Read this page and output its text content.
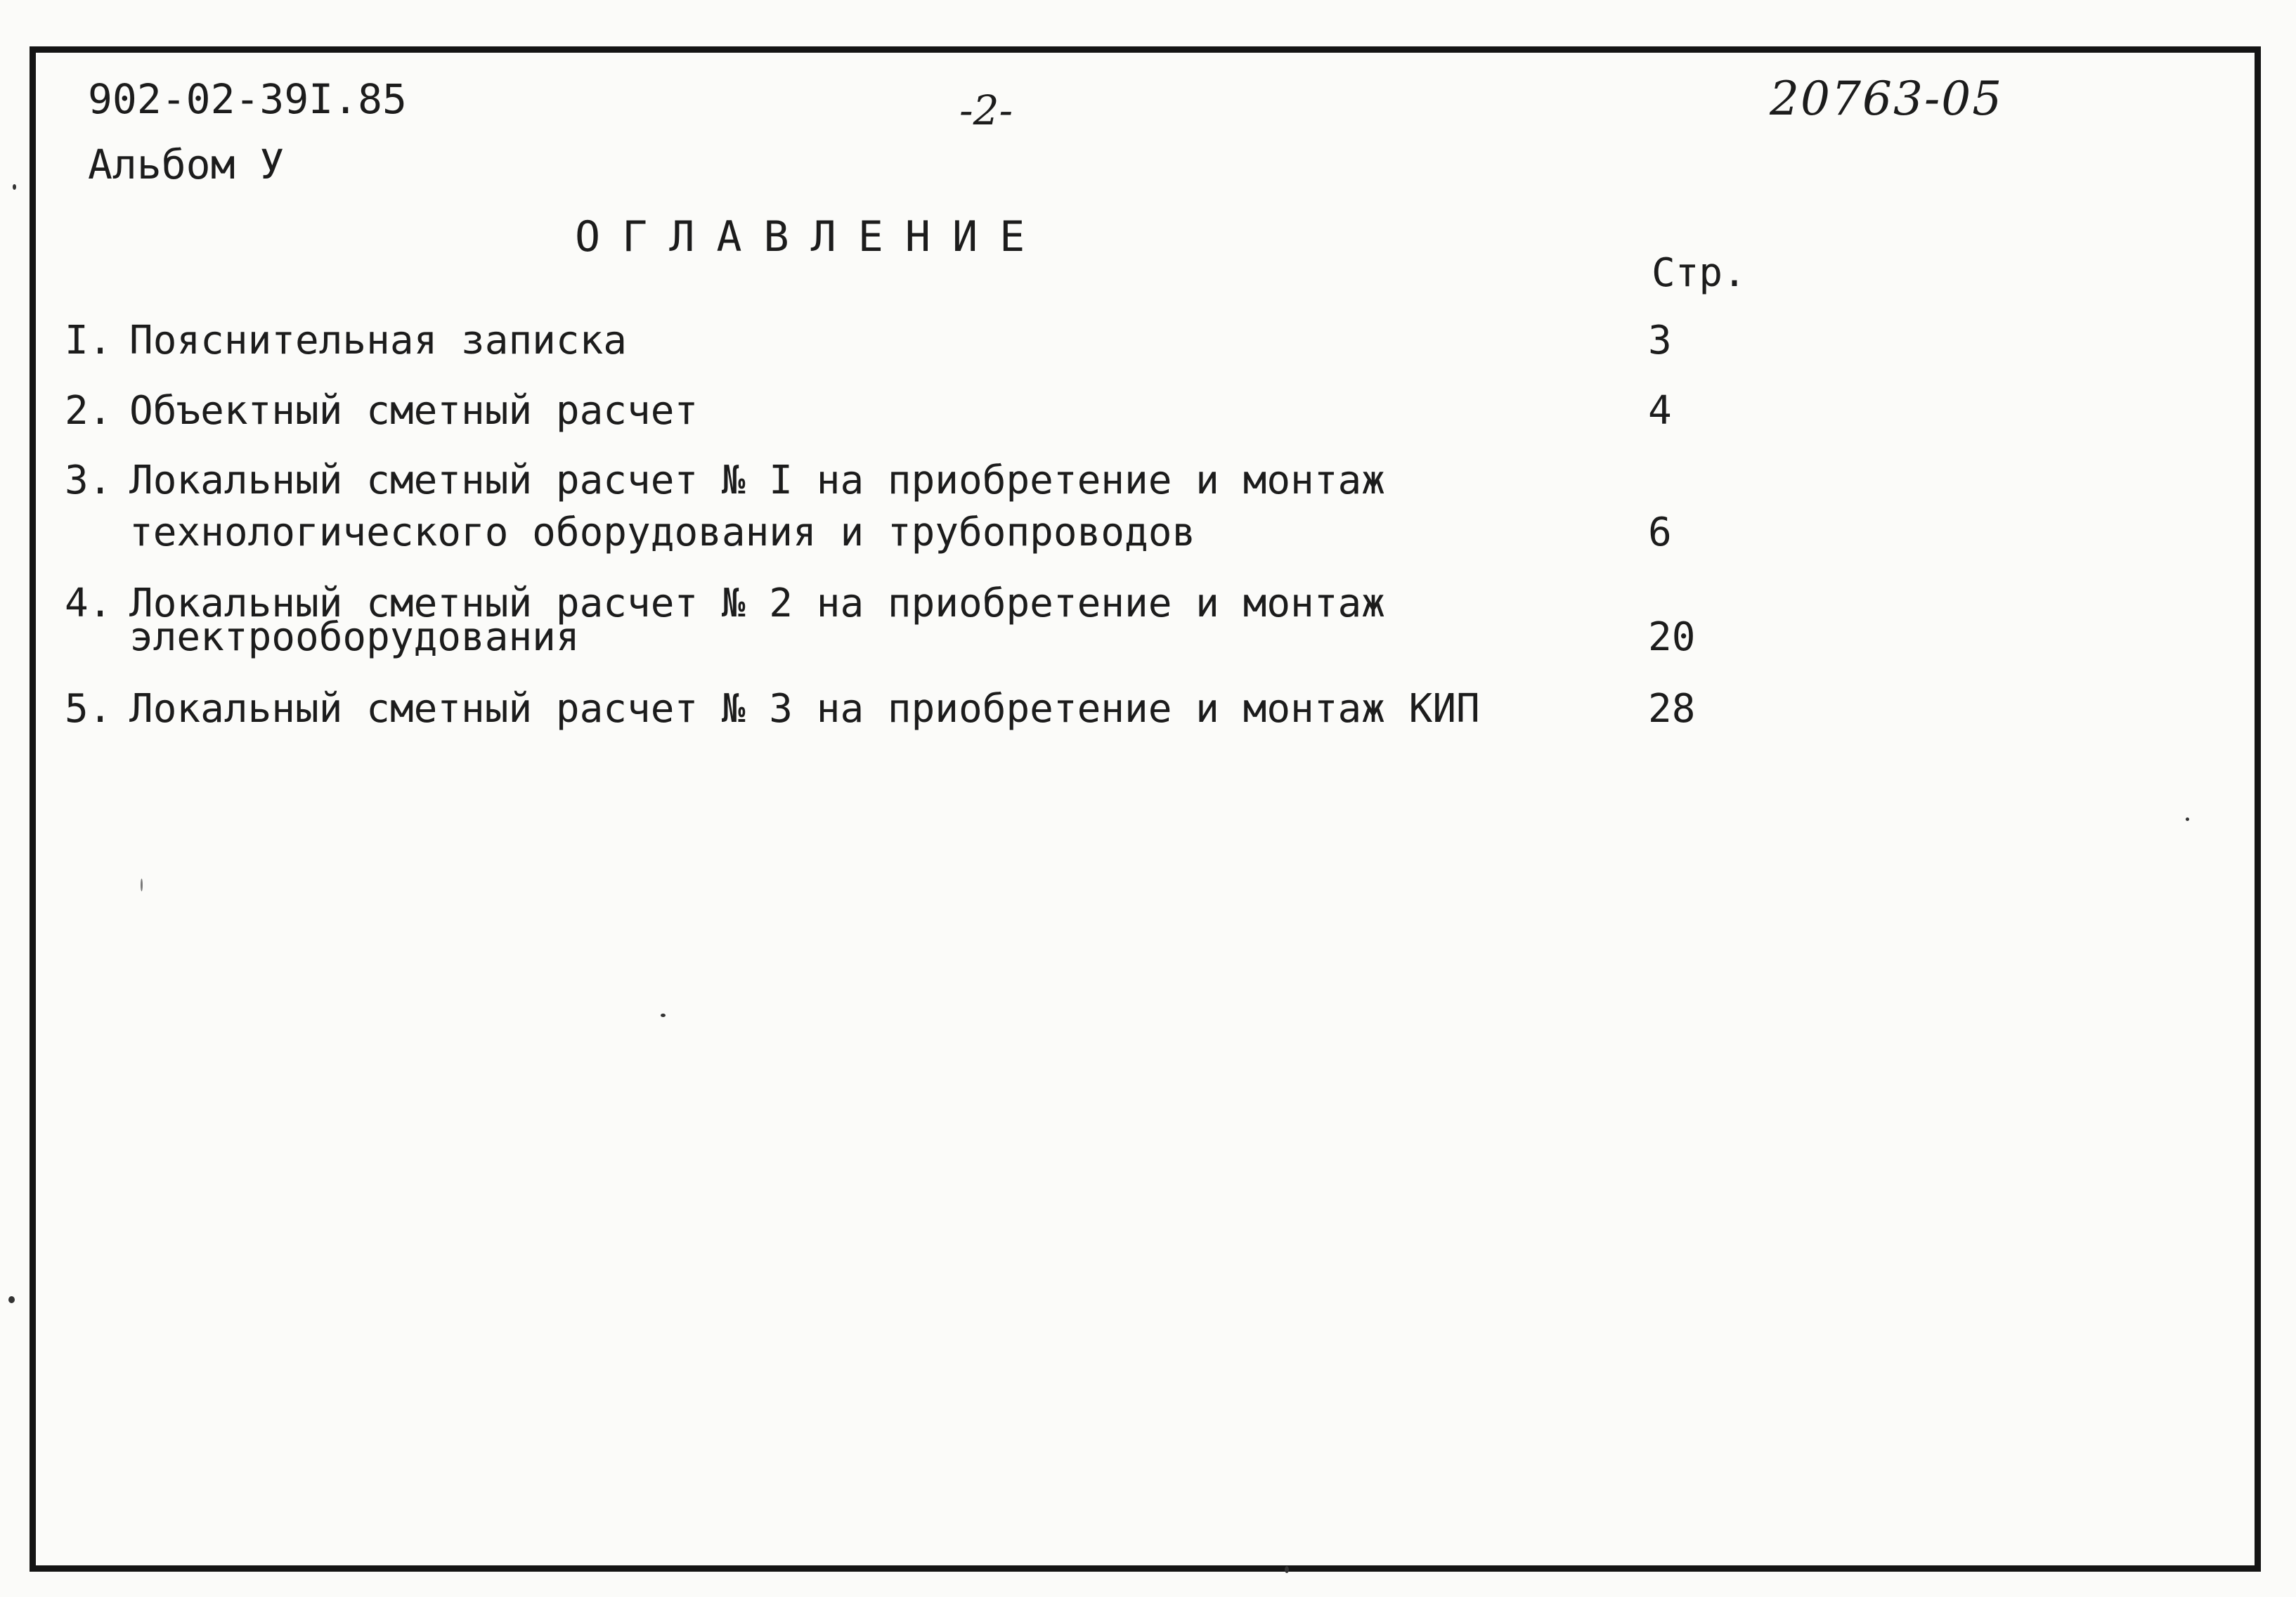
902-02-39I.85
Альбом У
-2-	20763-05
ОГЛАВЛЕНИЕ
Стр.
I. Пояснительная записка	3
2. Объектный сметный расчет	4
3. Локальный сметный расчет № I на приобретение и монтаж
технологического оборудования и трубопроводов	6
4. Локальный сметный расчет № 2 на приобретение и монтаж
электрооборудования	20
5. Локальный сметный расчет № 3 на приобретение и монтаж КИП	28
